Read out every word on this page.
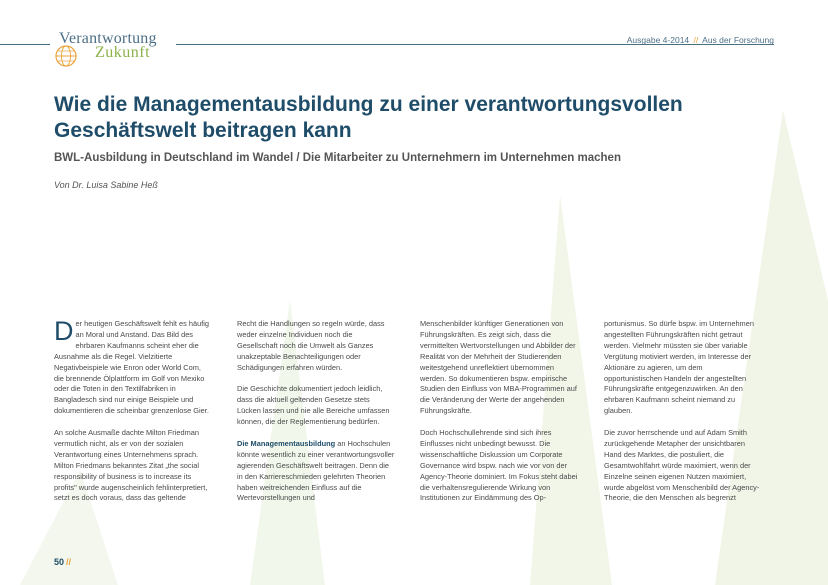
Verantwortung
Zukunft
Ausgabe 4-2014 // Aus der Forschung
Wie die Managementausbildung zu einer verantwortungsvollen Geschäftswelt beitragen kann
BWL-Ausbildung in Deutschland im Wandel / Die Mitarbeiter zu Unternehmern im Unternehmen machen
Von Dr. Luisa Sabine Heß

Der heutigen Geschäftswelt fehlt es häufig an Moral und Anstand. Das Bild des ehrbaren Kaufmanns scheint eher die Ausnahme als die Regel. Vielzitierte Negativbeispiele wie Enron oder World Com, die brennende Ölplattform im Golf von Mexiko oder die Toten in den Textilfabriken in Bangladesch sind nur einige Beispiele und dokumentieren die scheinbar grenzenlose Gier.

An solche Ausmaße dachte Milton Friedman vermutlich nicht, als er von der sozialen Verantwortung eines Unternehmens sprach. Milton Friedmans bekanntes Zitat „the social responsibility of business is to increase its profits" wurde augenscheinlich fehlinterpretiert, setzt es doch voraus, dass das geltende

Recht die Handlungen so regeln würde, dass weder einzelne Individuen noch die Gesellschaft noch die Umwelt als Ganzes unakzeptable Benachteiligungen oder Schädigungen erfahren würden.

Die Geschichte dokumentiert jedoch leidlich, dass die aktuell geltenden Gesetze stets Lücken lassen und nie alle Bereiche umfassen können, die der Reglementierung bedürfen.

Die Managementausbildung an Hochschulen könnte wesentlich zu einer verantwortungsvoller agierenden Geschäftswelt beitragen. Denn die in den Karriereschmieden gelehrten Theorien haben weitreichenden Einfluss auf die Wertevorstellungen und

Menschenbilder künftiger Generationen von Führungskräften. Es zeigt sich, dass die vermittelten Wertvorstellungen und Abbilder der Realität von der Mehrheit der Studierenden weitestgehend unreflektiert übernommen werden. So dokumentieren bspw. empirische Studien den Einfluss von MBA-Programmen auf die Veränderung der Werte der angehenden Führungskräfte.

Doch Hochschullehrende sind sich ihres Einflusses nicht unbedingt bewusst. Die wissenschaftliche Diskussion um Corporate Governance wird bspw. nach wie vor von der Agency-Theorie dominiert. Im Fokus steht dabei die verhaltensregulierende Wirkung von Institutionen zur Eindämmung des Op-

portunismus. So dürfe bspw. im Unternehmen angestellten Führungskräften nicht getraut werden. Vielmehr müssten sie über variable Vergütung motiviert werden, im Interesse der Aktionäre zu agieren, um dem opportunistischen Handeln der angestellten Führungskräfte entgegenzuwirken. An den ehrbaren Kaufmann scheint niemand zu glauben.

Die zuvor herrschende und auf Adam Smith zurückgehende Metapher der unsichtbaren Hand des Marktes, die postuliert, die Gesamtwohlfahrt würde maximiert, wenn der Einzelne seinen eigenen Nutzen maximiert, wurde abgelöst vom Menschenbild der Agency-Theorie, die den Menschen als begrenzt

50 //
